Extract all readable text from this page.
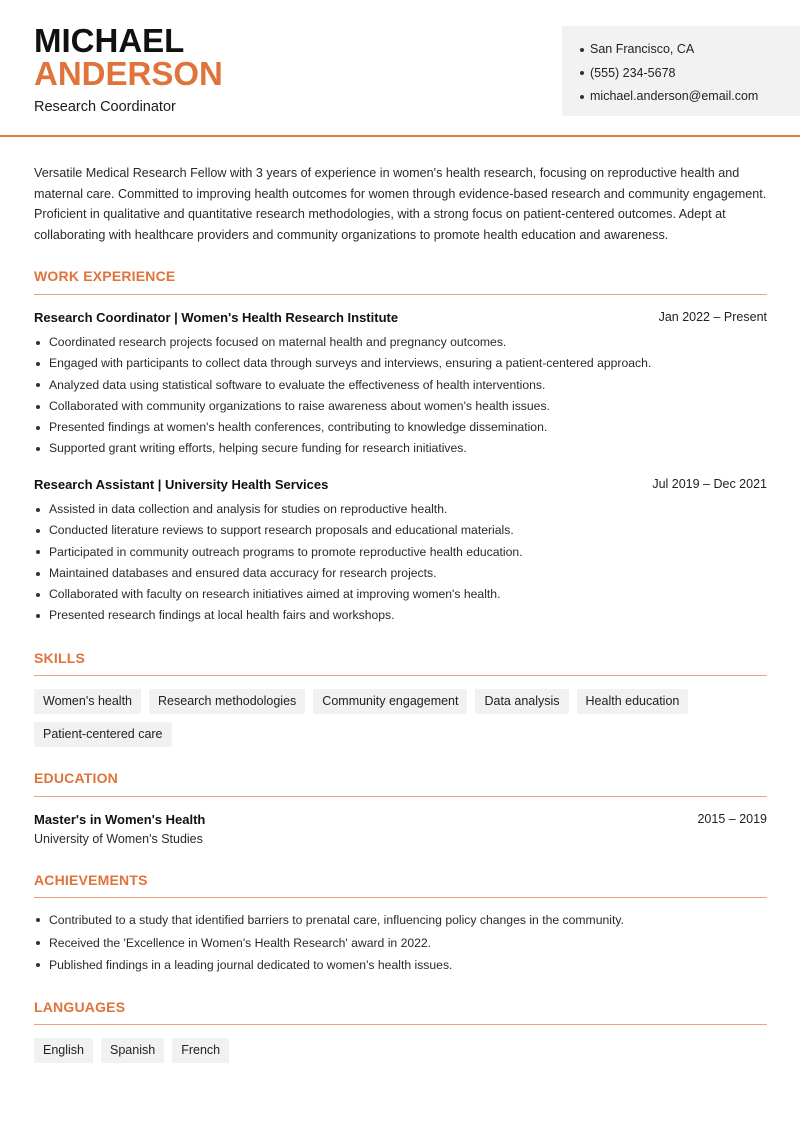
MICHAEL
ANDERSON
Research Coordinator
San Francisco, CA
(555) 234-5678
michael.anderson@email.com
Versatile Medical Research Fellow with 3 years of experience in women's health research, focusing on reproductive health and maternal care. Committed to improving health outcomes for women through evidence-based research and community engagement. Proficient in qualitative and quantitative research methodologies, with a strong focus on patient-centered outcomes. Adept at collaborating with healthcare providers and community organizations to promote health education and awareness.
WORK EXPERIENCE
Research Coordinator | Women's Health Research Institute	Jan 2022 – Present
Coordinated research projects focused on maternal health and pregnancy outcomes.
Engaged with participants to collect data through surveys and interviews, ensuring a patient-centered approach.
Analyzed data using statistical software to evaluate the effectiveness of health interventions.
Collaborated with community organizations to raise awareness about women's health issues.
Presented findings at women's health conferences, contributing to knowledge dissemination.
Supported grant writing efforts, helping secure funding for research initiatives.
Research Assistant | University Health Services	Jul 2019 – Dec 2021
Assisted in data collection and analysis for studies on reproductive health.
Conducted literature reviews to support research proposals and educational materials.
Participated in community outreach programs to promote reproductive health education.
Maintained databases and ensured data accuracy for research projects.
Collaborated with faculty on research initiatives aimed at improving women's health.
Presented research findings at local health fairs and workshops.
SKILLS
Women's health	Research methodologies	Community engagement	Data analysis	Health education
Patient-centered care
EDUCATION
Master's in Women's Health	2015 – 2019
University of Women's Studies
ACHIEVEMENTS
Contributed to a study that identified barriers to prenatal care, influencing policy changes in the community.
Received the 'Excellence in Women's Health Research' award in 2022.
Published findings in a leading journal dedicated to women's health issues.
LANGUAGES
English	Spanish	French
